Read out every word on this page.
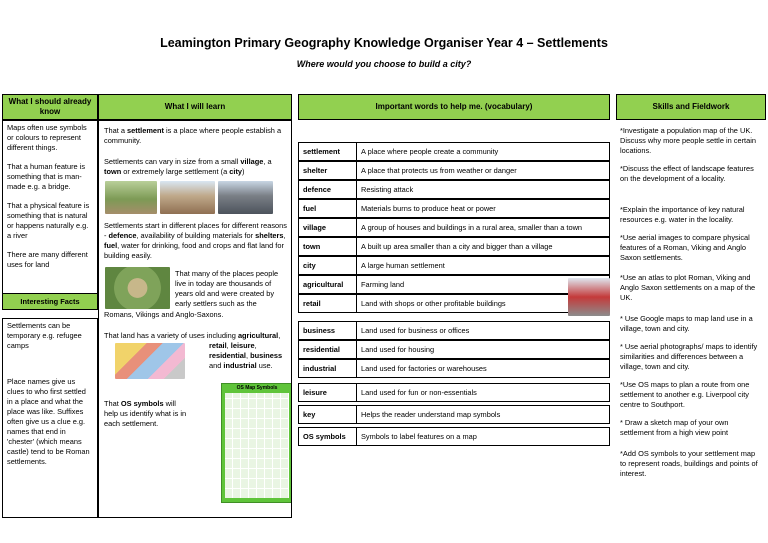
Leamington Primary Geography Knowledge Organiser Year 4 – Settlements
Where would you choose to build a city?
What I should already know
What I will learn	Important words to help me. (vocabulary)	Skills and Fieldwork

Maps often use symbols or colours to represent different things.

That a human feature is something that is man-made e.g. a bridge.

That a physical feature is something that is natural or happens naturally e.g. a river

There are many different uses for land

Interesting Facts

Settlements can be temporary e.g. refugee camps

Place names give us clues to who first settled in a place and what the place was like. Suffixes often give us a clue e.g. names that end in 'chester' (which means castle) tend to be Roman settlements.

That a settlement is a place where people establish a community.
Settlements can vary in size from a small village, a town or extremely large settlement (a city)
Settlements start in different places for different reasons - defence, availability of building materials for shelters, fuel, water for drinking, food and crops and flat land for building easily.
That many of the places people live in today are thousands of years old and were created by early settlers such as the
Romans, Vikings and Anglo-Saxons.
That land has a variety of uses including agricultural,
retail, leisure,
residential, business
and industrial use.
That OS symbols will help us identify what is in each settlement.
OS Map Symbols
settlement	A place where people create a community
shelter	A place that protects us from weather or danger
defence	Resisting attack
fuel	Materials burns to produce heat or power
village	A group of houses and buildings in a rural area, smaller than a town
town	A built up area smaller than a city and bigger than a village
city	A large human settlement
agricultural	Farming land
retail	Land with shops or other profitable buildings
business	Land used for business or offices
residential	Land used for housing
industrial	Land used for factories or warehouses
leisure	Land used for fun or non-essentials
key	Helps the reader understand map symbols
OS symbols	Symbols to label features on a map
*Investigate a population map of the UK. Discuss why more people settle in certain locations.
*Discuss the effect of landscape features on the development of a locality.
*Explain the importance of key natural resources e.g. water in the locality.
*Use aerial images to compare physical features of a Roman, Viking and Anglo Saxon settlements.
*Use an atlas to plot Roman, Viking and Anglo Saxon settlements on a map of the UK.
* Use Google maps to map land use in a village, town and city.
* Use aerial photographs/ maps to identify similarities and differences between a village, town and city.
*Use OS maps to plan a route from one settlement to another e.g. Liverpool city centre to Southport.
* Draw a sketch map of your own settlement from a high view point
*Add OS symbols to your settlement map to represent roads, buildings and points of interest.
